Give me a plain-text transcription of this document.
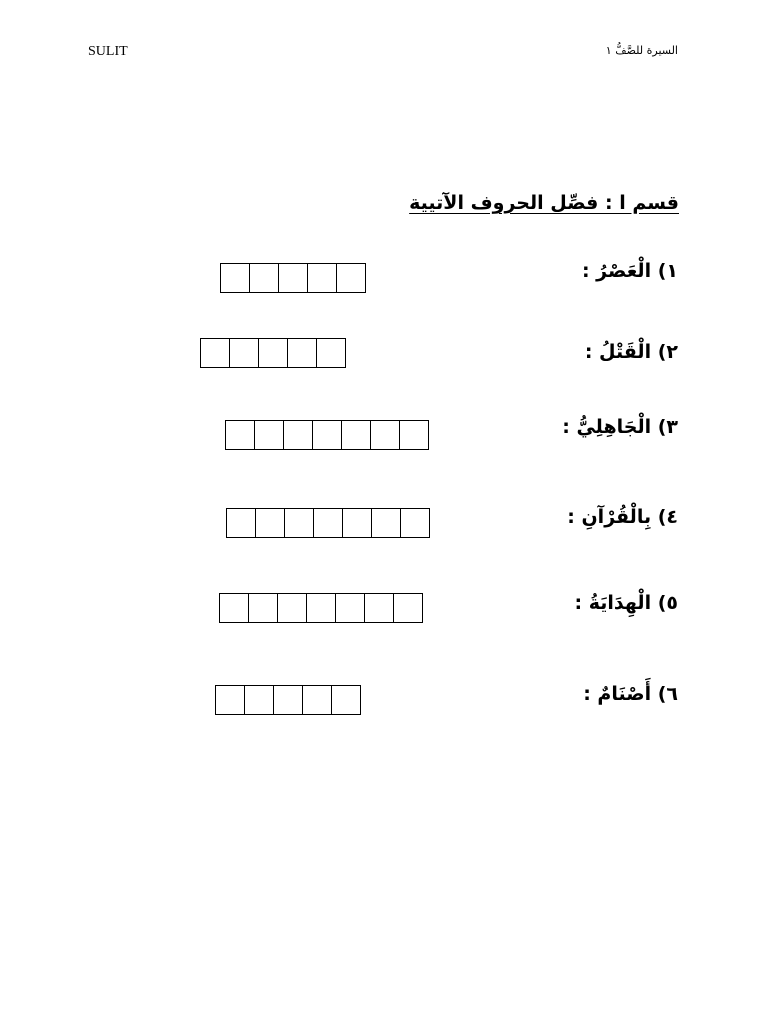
SULIT	السيرة للصَّفُّ ١
قسم ا : فصِّل الحروف الآتيية
١) الْعَصْرُ :
٢) الْقَتْلُ :
٣) الْجَاهِلِيُّ :
٤) بِالْقُرْآنِ :
٥) الْهِدَايَةُ :
٦) أَصْنَامٌ :
